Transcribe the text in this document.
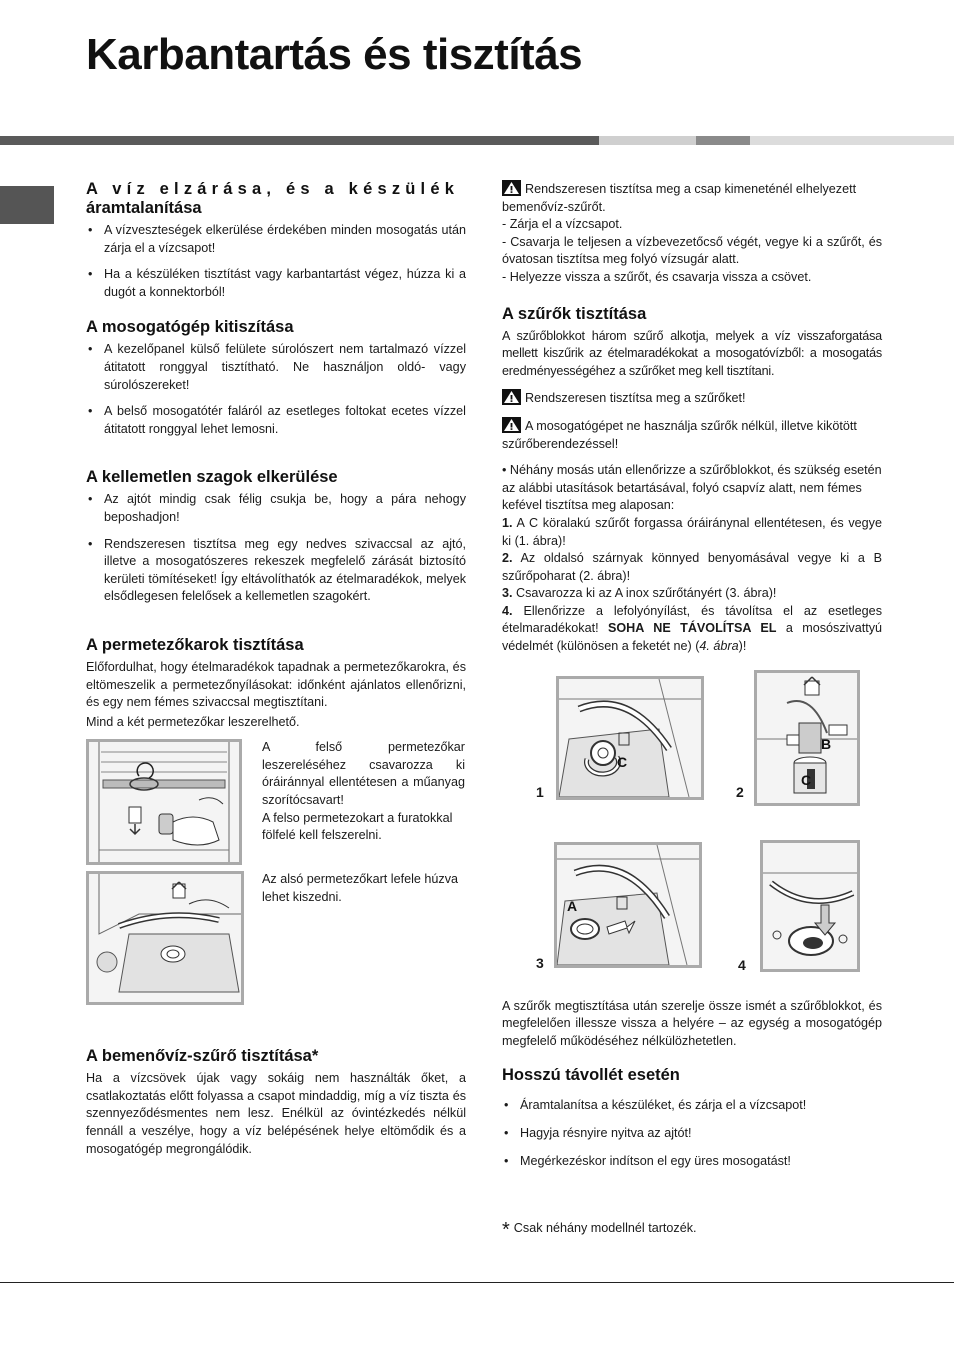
Karbantartás és tisztítás
A víz elzárása, és a készülék
áramtalanítása
• A vízveszteségek elkerülése érdekében minden mosogatás után zárja el a vízcsapot!
• Ha a készüléken tisztítást vagy karbantartást végez, húzza ki a dugót a konnektorból!
A mosogatógép kitiszítása
• A kezelőpanel külső felülete súrolószert nem tartalmazó vízzel átitatott ronggyal tisztítható. Ne használjon oldó- vagy súrolószereket!
• A belső mosogatótér faláról az esetleges foltokat ecetes vízzel átitatott ronggyal lehet lemosni.
A kellemetlen szagok elkerülése
• Az ajtót mindig csak félig csukja be, hogy a pára nehogy beposhadjon!
• Rendszeresen tisztítsa meg egy nedves szivaccsal az ajtó, illetve a mosogatószeres rekeszek megfelelő zárását biztosító kerületi tömítéseket! Így eltávolíthatók az ételmaradékok, melyek elsődlegesen felelősek a kellemetlen szagokért.
A permetezőkarok tisztítása

Előfordulhat, hogy ételmaradékok tapadnak a permetezőkarokra, és eltömeszelik a permetezőnyílásokat: időnként ajánlatos ellenőrizni, és egy nem fémes szivaccsal megtisztítani.

Mind a két permetezőkar leszerelhető.

A felső permetezőkar leszereléséhez csavarozza ki óráiránnyal ellentétesen a műanyag szorítócsavart!

A felso permetezokart a furatokkal fölfelé kell felszerelni.

Az alsó permetezőkart lefele húzva lehet kiszedni.

A bemenővíz-szűrő tisztítása*

Ha a vízcsövek újak vagy sokáig nem használták őket, a csatlakoztatás előtt folyassa a csapot mindaddig, míg a víz tiszta és szennyeződésmentes nem lesz. Enélkül az óvintézkedés nélkül fennáll a veszélye, hogy a víz belépésének helye eltömődik és a mosogatógép megrongálódik.

Rendszeresen tisztítsa meg a csap kimeneténél elhelyezett bemenővíz-szűrőt.

- Zárja el a vízcsapot.

- Csavarja le teljesen a vízbevezetőcső végét, vegye ki a szűrőt, és óvatosan tisztítsa meg folyó vízsugár alatt.

- Helyezze vissza a szűrőt, és csavarja vissza a csövet.

A szűrők tisztítása

A szűrőblokkot három szűrő alkotja, melyek a víz visszaforgatása mellett kiszűrik az ételmaradékokat a mosogatóvízből: a mosogatás eredményességéhez a szűrőket meg kell tisztítani.

Rendszeresen tisztítsa meg a szűrőket!

A mosogatógépet ne használja szűrők nélkül, illetve kikötött szűrőberendezéssel!

• Néhány mosás után ellenőrizze a szűrőblokkot, és szükség esetén az alábbi utasítások betartásával, folyó csapvíz alatt, nem fémes kefével tisztítsa meg alaposan:

1. A C köralakú szűrőt forgassa óráiránynal ellentétesen, és vegye ki (1. ábra)!

2. Az oldalsó szárnyak könnyed benyomásával vegye ki a B szűrőpoharat (2. ábra)!

3. Csavarozza ki az A inox szűrőtányért (3. ábra)!

4. Ellenőrizze a lefolyónyílást, és távolítsa el az esetleges ételmaradékokat! SOHA NE TÁVOLÍTSA EL a mosószivattyú védelmét (különösen a feketét ne) (4. ábra)!

C
1
B
C
2
A
3	4

A szűrők megtisztítása után szerelje össze ismét a szűrőblokkot, és megfelelően illessze vissza a helyére – az egység a mosogatógép megfelelő működéséhez nélkülözhetetlen.

Hosszú távollét esetén
• Áramtalanítsa a készüléket, és zárja el a vízcsapot!
• Hagyja résnyire nyitva az ajtót!
• Megérkezéskor indítson el egy üres mosogatást!

* Csak néhány modellnél tartozék.
